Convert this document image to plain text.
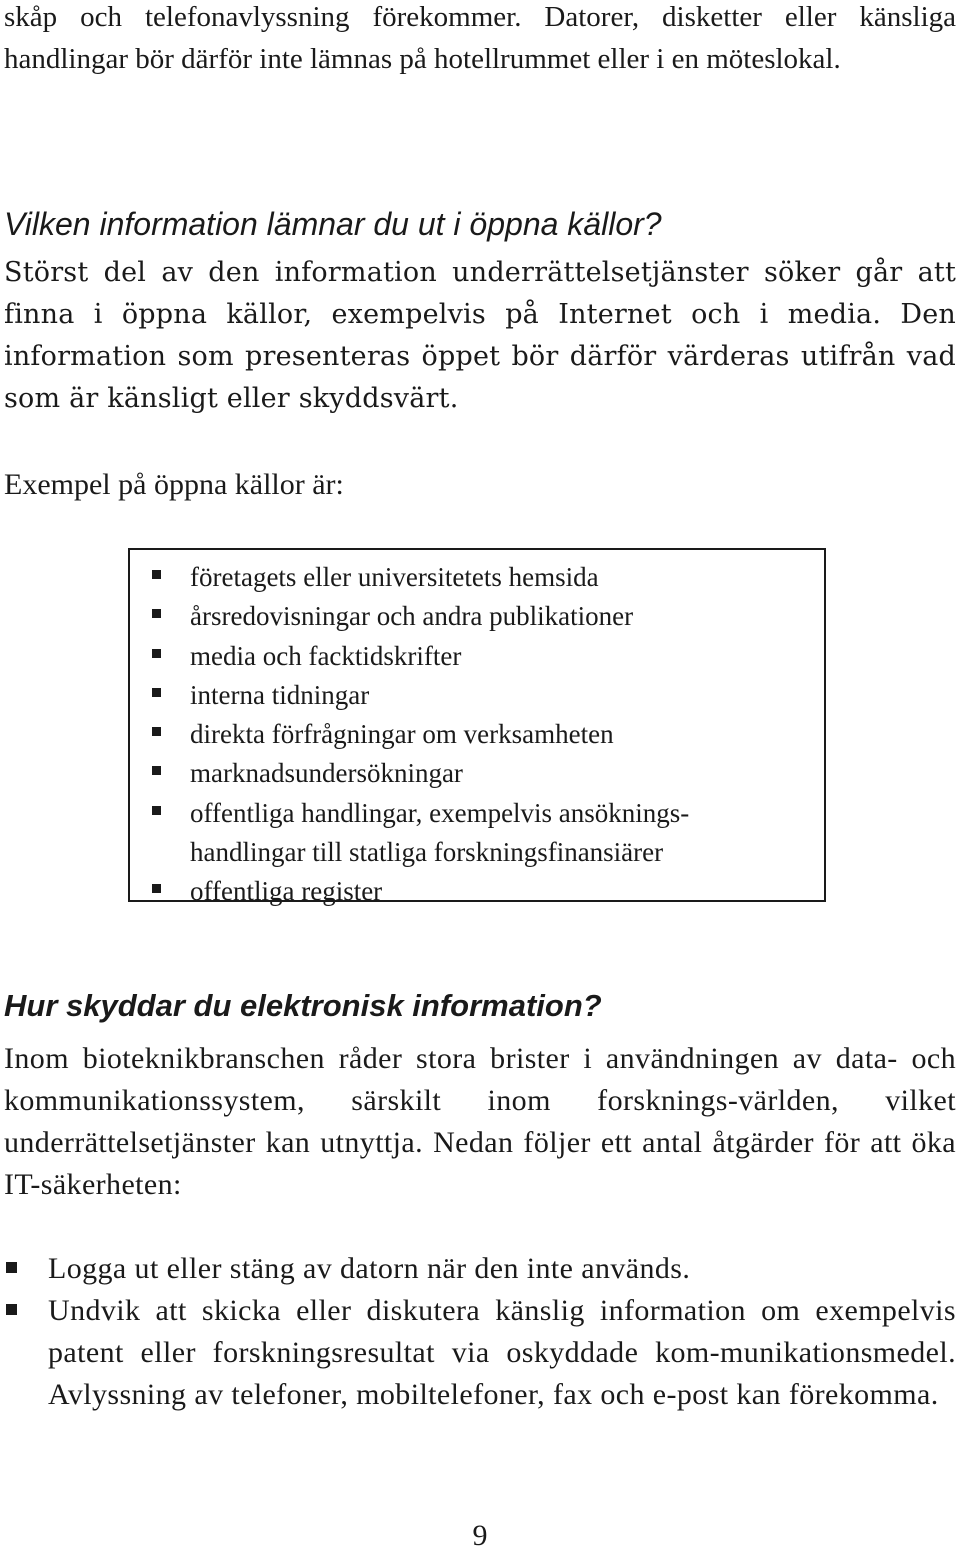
skåp och telefonavlyssning förekommer. Datorer, disketter eller känsliga handlingar bör därför inte lämnas på hotellrummet eller i en möteslokal.

Vilken information lämnar du ut i öppna källor?

Störst del av den information underrättelsetjänster söker går att finna i öppna källor, exempelvis på Internet och i media. Den information som presenteras öppet bör därför värderas utifrån vad som är känsligt eller skyddsvärt.

Exempel på öppna källor är:

företagets eller universitetets hemsida
årsredovisningar och andra publikationer
media och facktidskrifter
interna tidningar
direkta förfrågningar om verksamheten
marknadsundersökningar
offentliga handlingar, exempelvis ansöknings-
handlingar till statliga forskningsfinansiärer
offentliga register
Hur skyddar du elektronisk information?

Inom bioteknikbranschen råder stora brister i användningen av data- och kommunikationssystem, särskilt inom forsknings-världen, vilket underrättelsetjänster kan utnyttja. Nedan följer ett antal åtgärder för att öka IT-säkerheten:

Logga ut eller stäng av datorn när den inte används.
Undvik att skicka eller diskutera känslig information om exempelvis patent eller forskningsresultat via oskyddade kom-munikationsmedel. Avlyssning av telefoner, mobiltelefoner, fax och e-post kan förekomma.
9
